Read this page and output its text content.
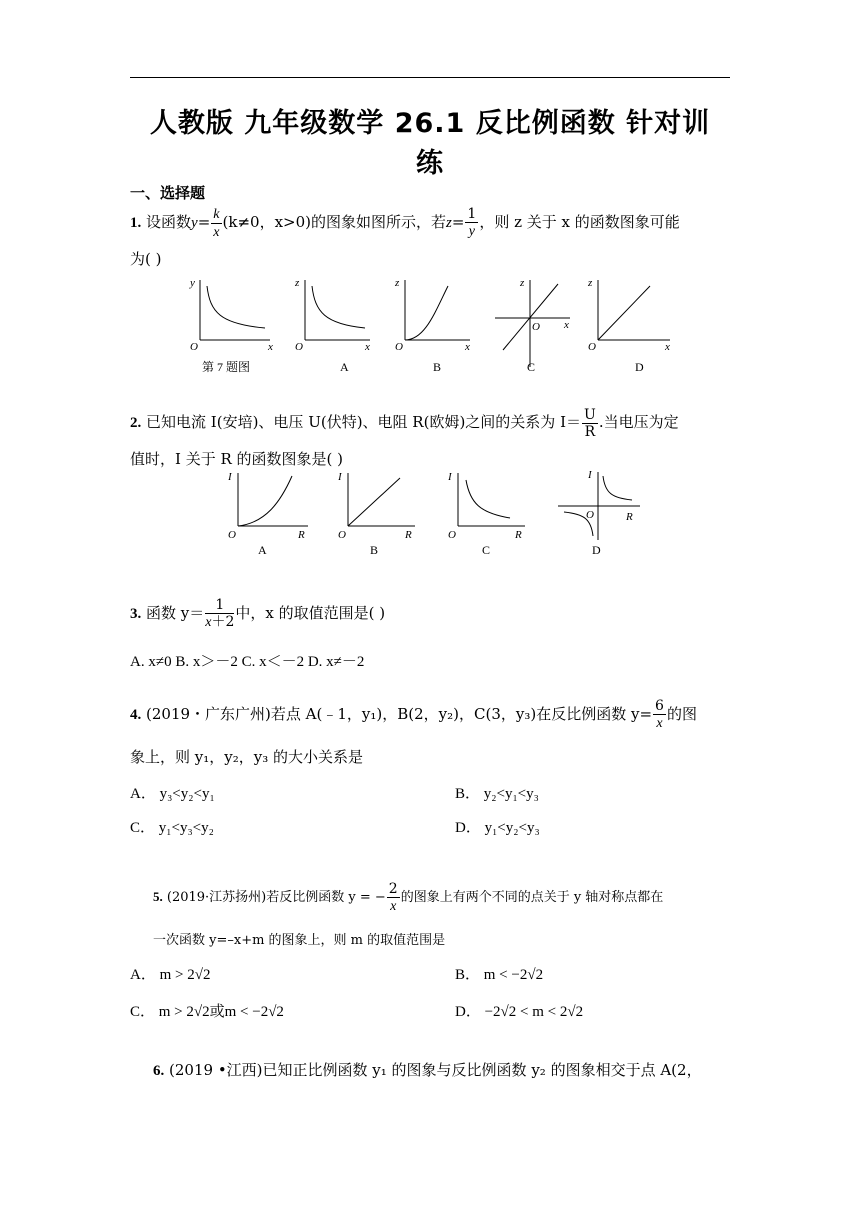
人教版 九年级数学 26.1 反比例函数 针对训
练
一、选择题
1. 设函数$y= \frac{k}{x} (k\ne 0$，x>0)的图象如图所示，若$z= \frac{1}{y}$ ，则 z 关于 x 的函数图象可能
为( )
y
O	x
z
O	x
z
O	x
z
O x
z
O	x
第 7 题图	A	B	C	D
2. 已知电流 I(安培)、电压 U(伏特)、电阻 R(欧姆)之间的关系为 $I= \frac{U}{R}$ .当电压为定
值时，I 关于 R 的函数图象是( )
I
O	R
I
O	R
I
O	R
I
O	R
A	B	C	D
3. 函数 $y= \frac{1}{x+2}$ 中，x 的取值范围是( )
A. x≠0 B. x＞－2 C. x＜－2 D. x≠－2
4. (2019・广东广州)若点 A(﹣1，y₁)，B(2，y₂)，C(3，y₃)在反比例函数 $y= \frac{6}{x}$ 的图
象上，则 y₁，y₂，y₃ 的大小关系是
A． y₃<y₂<y₁	B． y₂<y₁<y₃
C． y₁<y₃<y₂	D． y₁<y₂<y₃
5. (2019·江苏扬州)若反比例函数 y = − $\frac{2}{x}$ 的图象上有两个不同的点关于 y 轴对称点都在
一次函数 y=–x+m 的图象上，则 m 的取值范围是
A． m > 2√2	B． m < −2√2
C． m > 2√2或m < −2√2	D． −2√2 < m < 2√2
6. (2019 •江西)已知正比例函数 y₁ 的图象与反比例函数 y₂ 的图象相交于点 A(2，
